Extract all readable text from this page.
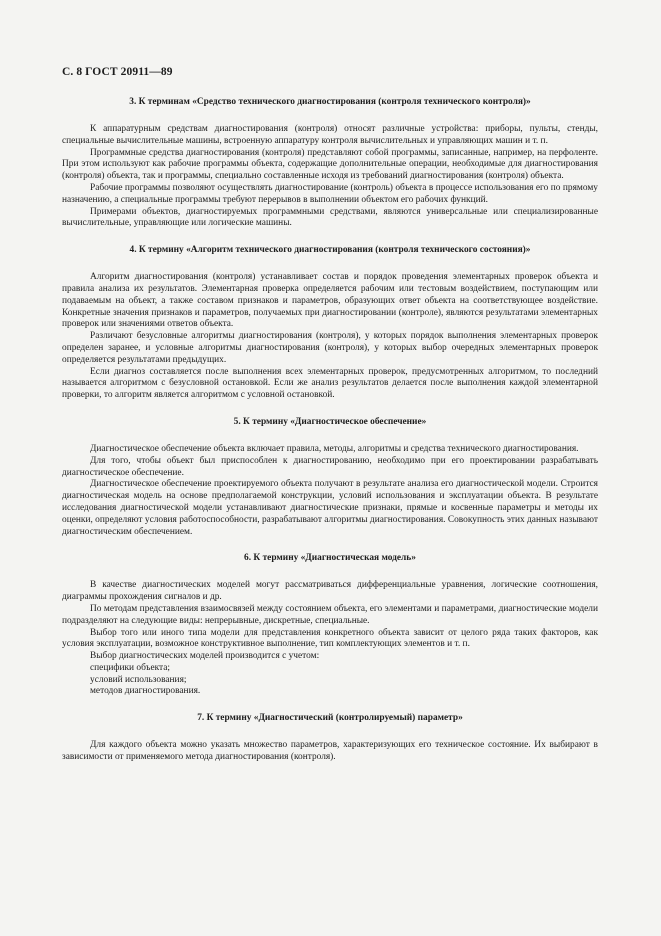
С. 8 ГОСТ 20911—89
3. К терминам «Средство технического диагностирования (контроля технического контроля)»

К аппаратурным средствам диагностирования (контроля) относят различные устройства: приборы, пульты, стенды, специальные вычислительные машины, встроенную аппаратуру контроля вычислительных и управляющих машин и т. п.

Программные средства диагностирования (контроля) представляют собой программы, записанные, например, на перфоленте. При этом используют как рабочие программы объекта, содержащие дополнительные операции, необходимые для диагностирования (контроля) объекта, так и программы, специально составленные исходя из требований диагностирования (контроля) объекта.

Рабочие программы позволяют осуществлять диагностирование (контроль) объекта в процессе использования его по прямому назначению, а специальные программы требуют перерывов в выполнении объектом его рабочих функций.

Примерами объектов, диагностируемых программными средствами, являются универсальные или специализированные вычислительные, управляющие или логические машины.

4. К термину «Алгоритм технического диагностирования (контроля технического состояния)»

Алгоритм диагностирования (контроля) устанавливает состав и порядок проведения элементарных проверок объекта и правила анализа их результатов. Элементарная проверка определяется рабочим или тестовым воздействием, поступающим или подаваемым на объект, а также составом признаков и параметров, образующих ответ объекта на соответствующее воздействие. Конкретные значения признаков и параметров, получаемых при диагностировании (контроле), являются результатами элементарных проверок или значениями ответов объекта.

Различают безусловные алгоритмы диагностирования (контроля), у которых порядок выполнения элементарных проверок определен заранее, и условные алгоритмы диагностирования (контроля), у которых выбор очередных элементарных проверок определяется результатами предыдущих.

Если диагноз составляется после выполнения всех элементарных проверок, предусмотренных алгоритмом, то последний называется алгоритмом с безусловной остановкой. Если же анализ результатов делается после выполнения каждой элементарной проверки, то алгоритм является алгоритмом с условной остановкой.

5. К термину «Диагностическое обеспечение»

Диагностическое обеспечение объекта включает правила, методы, алгоритмы и средства технического диагностирования.

Для того, чтобы объект был приспособлен к диагностированию, необходимо при его проектировании разрабатывать диагностическое обеспечение.

Диагностическое обеспечение проектируемого объекта получают в результате анализа его диагностической модели. Строится диагностическая модель на основе предполагаемой конструкции, условий использования и эксплуатации объекта. В результате исследования диагностической модели устанавливают диагностические признаки, прямые и косвенные параметры и методы их оценки, определяют условия работоспособности, разрабатывают алгоритмы диагностирования. Совокупность этих данных называют диагностическим обеспечением.

6. К термину «Диагностическая модель»

В качестве диагностических моделей могут рассматриваться дифференциальные уравнения, логические соотношения, диаграммы прохождения сигналов и др.

По методам представления взаимосвязей между состоянием объекта, его элементами и параметрами, диагностические модели подразделяют на следующие виды: непрерывные, дискретные, специальные.

Выбор того или иного типа модели для представления конкретного объекта зависит от целого ряда таких факторов, как условия эксплуатации, возможное конструктивное выполнение, тип комплектующих элементов и т. п.

Выбор диагностических моделей производится с учетом:

специфики объекта;

условий использования;

методов диагностирования.

7. К термину «Диагностический (контролируемый) параметр»

Для каждого объекта можно указать множество параметров, характеризующих его техническое состояние. Их выбирают в зависимости от применяемого метода диагностирования (контроля).
